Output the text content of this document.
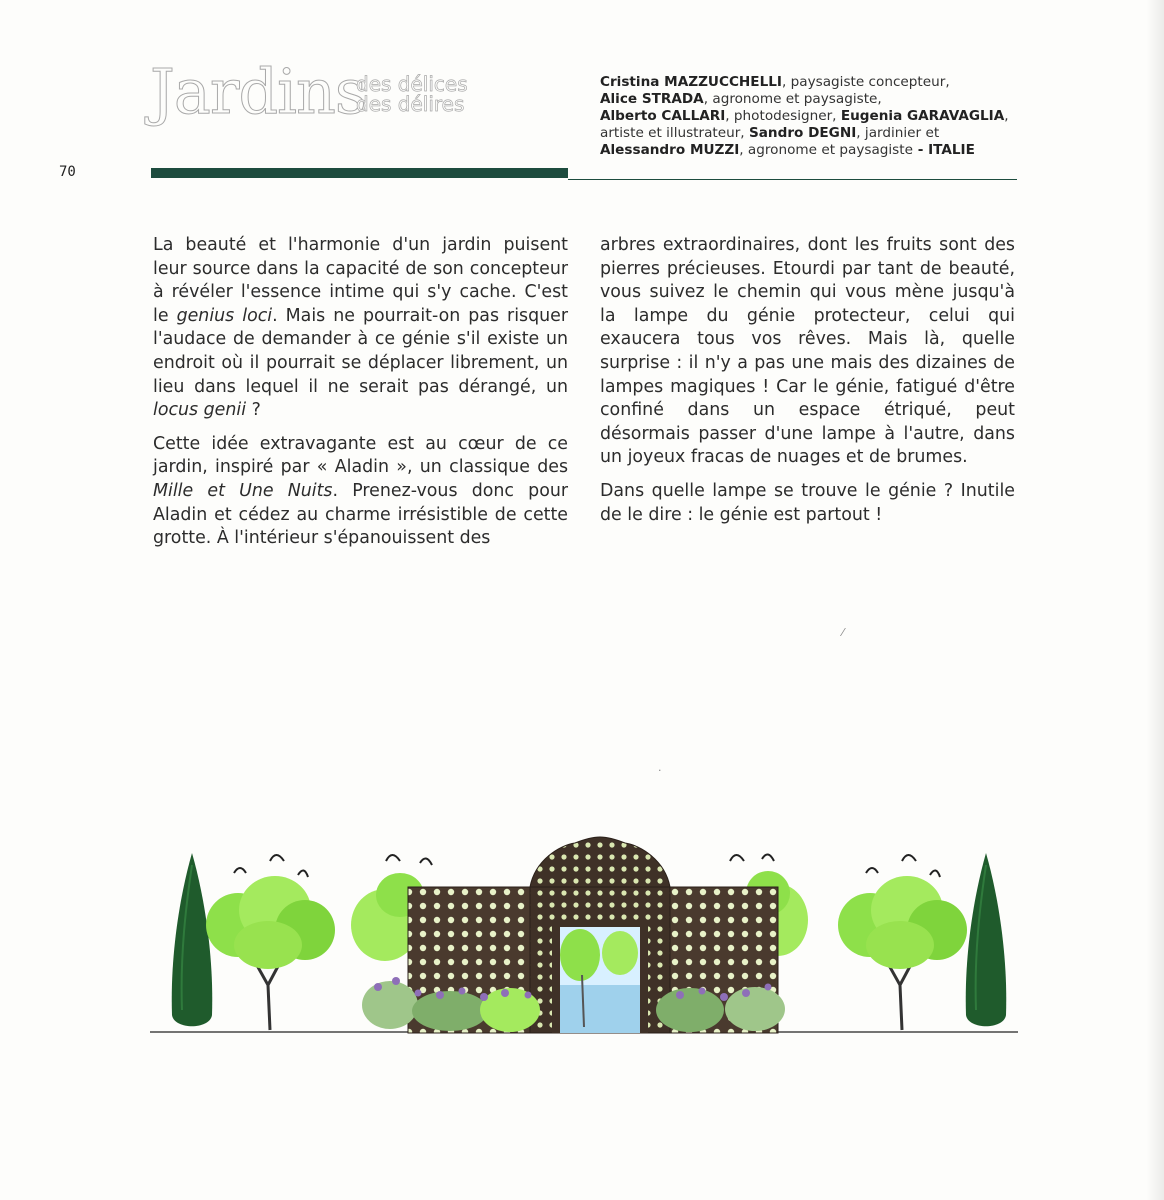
Jardins
des délices
des délires
Cristina MAZZUCCHELLI, paysagiste concepteur,
Alice STRADA, agronome et paysagiste,
Alberto CALLARI, photodesigner, Eugenia GARAVAGLIA,
artiste et illustrateur, Sandro DEGNI, jardinier et
Alessandro MUZZI, agronome et paysagiste - ITALIE
70

La beauté et l'harmonie d'un jardin puisent leur source dans la capacité de son concepteur à révéler l'essence intime qui s'y cache. C'est le genius loci. Mais ne pourrait-on pas risquer l'audace de demander à ce génie s'il existe un endroit où il pourrait se déplacer librement, un lieu dans lequel il ne serait pas dérangé, un locus genii ?

Cette idée extravagante est au cœur de ce jardin, inspiré par « Aladin », un classique des Mille et Une Nuits. Prenez-vous donc pour Aladin et cédez au charme irrésistible de cette grotte. À l'intérieur s'épanouissent des

arbres extraordinaires, dont les fruits sont des pierres précieuses. Etourdi par tant de beauté, vous suivez le chemin qui vous mène jusqu'à la lampe du génie protecteur, celui qui exaucera tous vos rêves. Mais là, quelle surprise : il n'y a pas une mais des dizaines de lampes magiques ! Car le génie, fatigué d'être confiné dans un espace étriqué, peut désormais passer d'une lampe à l'autre, dans un joyeux fracas de nuages et de brumes.

Dans quelle lampe se trouve le génie ? Inutile de le dire : le génie est partout !

⁄
·
